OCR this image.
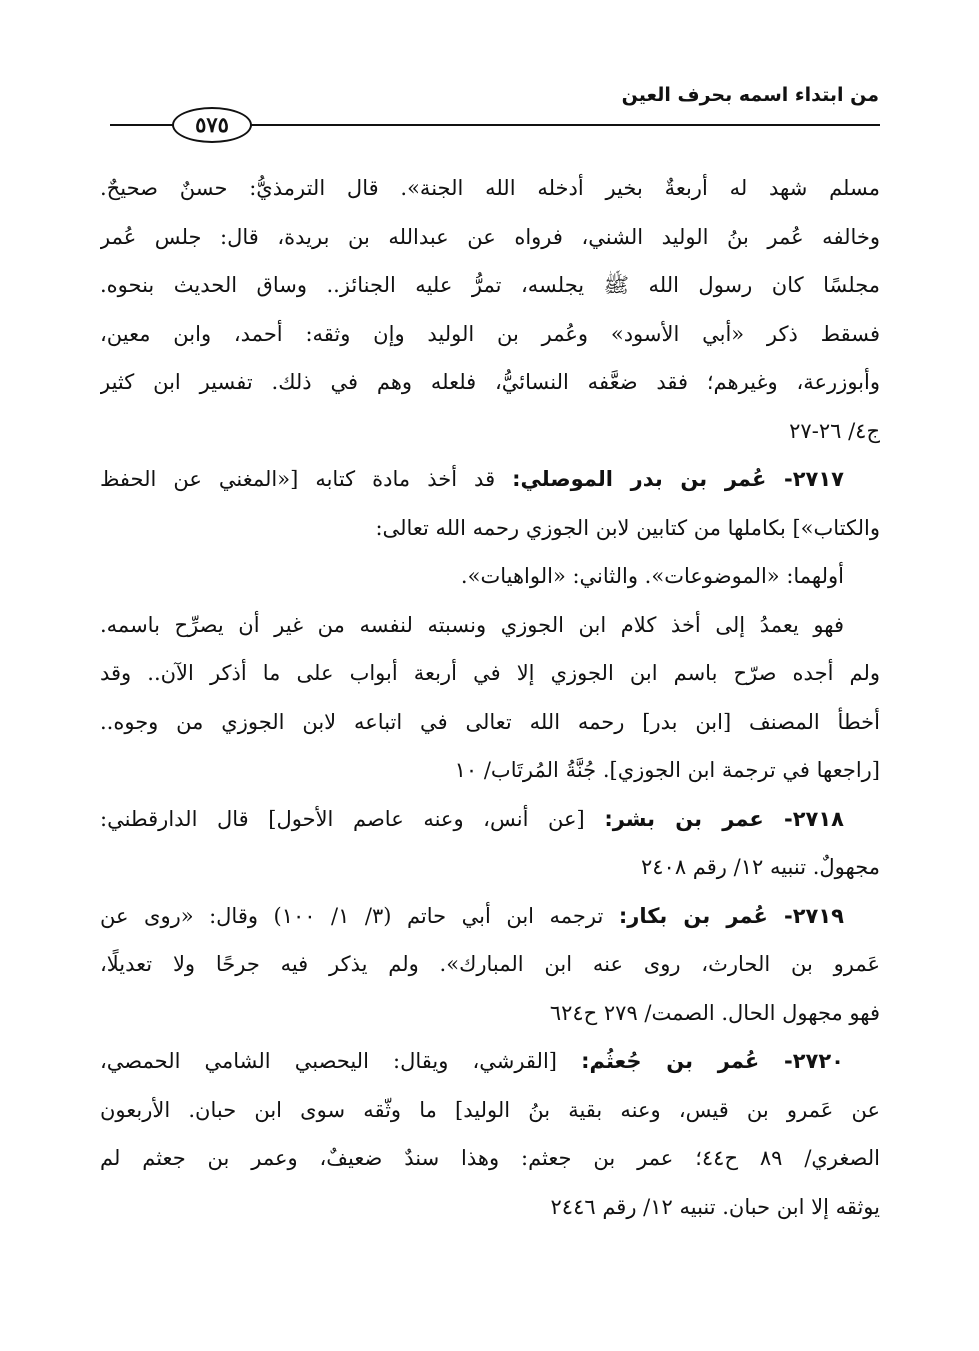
من ابتداء اسمه بحرف العين
٥٧٥
مسلم شهد له أربعةٌ بخير أدخله الله الجنة». قال الترمذيُّ: حسنٌ صحيحٌ.
وخالفه عُمر بنُ الوليد الشني، فرواه عن عبدالله بن بريدة، قال: جلس عُمر
مجلسًا كان رسول الله ﷺ يجلسه، تمرُّ عليه الجنائز.. وساق الحديث بنحوه.
فسقط ذكر «أبي الأسود» وعُمر بن الوليد وإن وثقه: أحمد، وابن معين،
وأبوزرعة، وغيرهم؛ فقد ضعَّفه النسائيُّ، فلعله وهم في ذلك. تفسير ابن كثير
ج٤/ ٢٦-٢٧
٢٧١٧- عُمر بن بدر الموصلي: قد أخذ مادة كتابه [«المغني عن الحفظ
والكتاب»] بكاملها من كتابين لابن الجوزي رحمه الله تعالى:
أولهما: «الموضوعات». والثاني: «الواهيات».
فهو يعمدُ إلى أخذ كلام ابن الجوزي ونسبته لنفسه من غير أن يصرِّح باسمه.
ولم أجده صرّح باسم ابن الجوزي إلا في أربعة أبواب على ما أذكر الآن.. وقد
أخطأ المصنف [ابن بدر] رحمه الله تعالى في اتباعه لابن الجوزي من وجوه..
[راجعها في ترجمة ابن الجوزي]. جُنَّةُ المُرتَاب/ ١٠
٢٧١٨- عمر بن بشر: [عن أنس، وعنه عاصم الأحول] قال الدارقطني:
مجهولٌ. تنبيه ١٢/ رقم ٢٤٠٨
٢٧١٩- عُمر بن بكار: ترجمه ابن أبي حاتم (٣/ ١/ ١٠٠) وقال: «روى عن
عَمرو بن الحارث، روى عنه ابن المبارك». ولم يذكر فيه جرحًا ولا تعديلًا،
فهو مجهول الحال. الصمت/ ٢٧٩ ح٦٢٤
٢٧٢٠- عُمر بن جُعثُم: [القرشي، ويقال: اليحصبي الشامي الحمصي،
عن عَمرو بن قيس، وعنه بقية بنُ الوليد] ما وثّقه سوى ابن حبان. الأربعون
الصغري/ ٨٩ ح٤٤؛ عمر بن جعثم: وهذا سندٌ ضعيفٌ، وعمر بن جعثم لم
يوثقه إلا ابن حبان. تنبيه ١٢/ رقم ٢٤٤٦
